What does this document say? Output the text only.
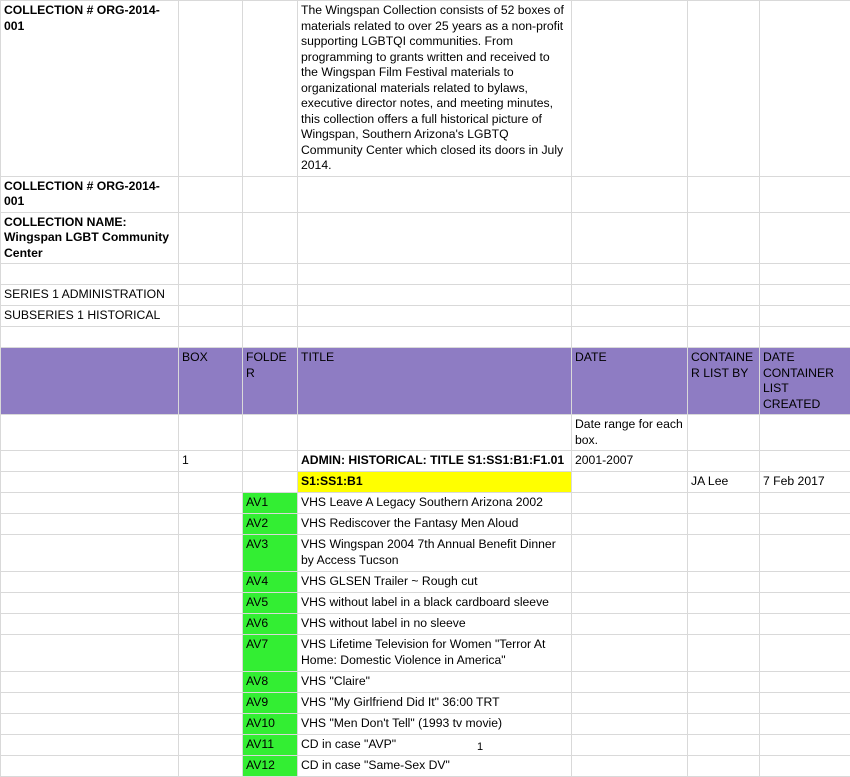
COLLECTION # ORG-2014-001			The Wingspan Collection consists of 52 boxes of materials related to over 25 years as a non-profit supporting LGBTQI communities. From programming to grants written and received to the Wingspan Film Festival materials to organizational materials related to bylaws, executive director notes, and meeting minutes, this collection offers a full historical picture of Wingspan, Southern Arizona's LGBTQ Community Center which closed its doors in July 2014.			
COLLECTION # ORG-2014-001						
COLLECTION NAME: Wingspan LGBT Community Center						

SERIES 1 ADMINISTRATION						
SUBSERIES 1 HISTORICAL						

	BOX	FOLDER	TITLE	DATE	CONTAINER LIST BY	DATE CONTAINER LIST CREATED
				Date range for each box.		
	1		ADMIN: HISTORICAL: TITLE S1:SS1:B1:F1.01	2001-2007		
			S1:SS1:B1		JA Lee	7 Feb 2017
		AV1	VHS Leave A Legacy Southern Arizona 2002			
		AV2	VHS Rediscover the Fantasy Men Aloud			
		AV3	VHS Wingspan 2004 7th Annual Benefit Dinner by Access Tucson			
		AV4	VHS GLSEN Trailer ~ Rough cut			
		AV5	VHS without label in a black cardboard sleeve			
		AV6	VHS without label in no sleeve			
		AV7	VHS Lifetime Television for Women "Terror At Home: Domestic Violence in America"			
		AV8	VHS "Claire"			
		AV9	VHS "My Girlfriend Did It" 36:00 TRT			
		AV10	VHS "Men Don't Tell" (1993 tv movie)			
		AV11	CD in case "AVP"			
		AV12	CD in case "Same-Sex DV"			
1
